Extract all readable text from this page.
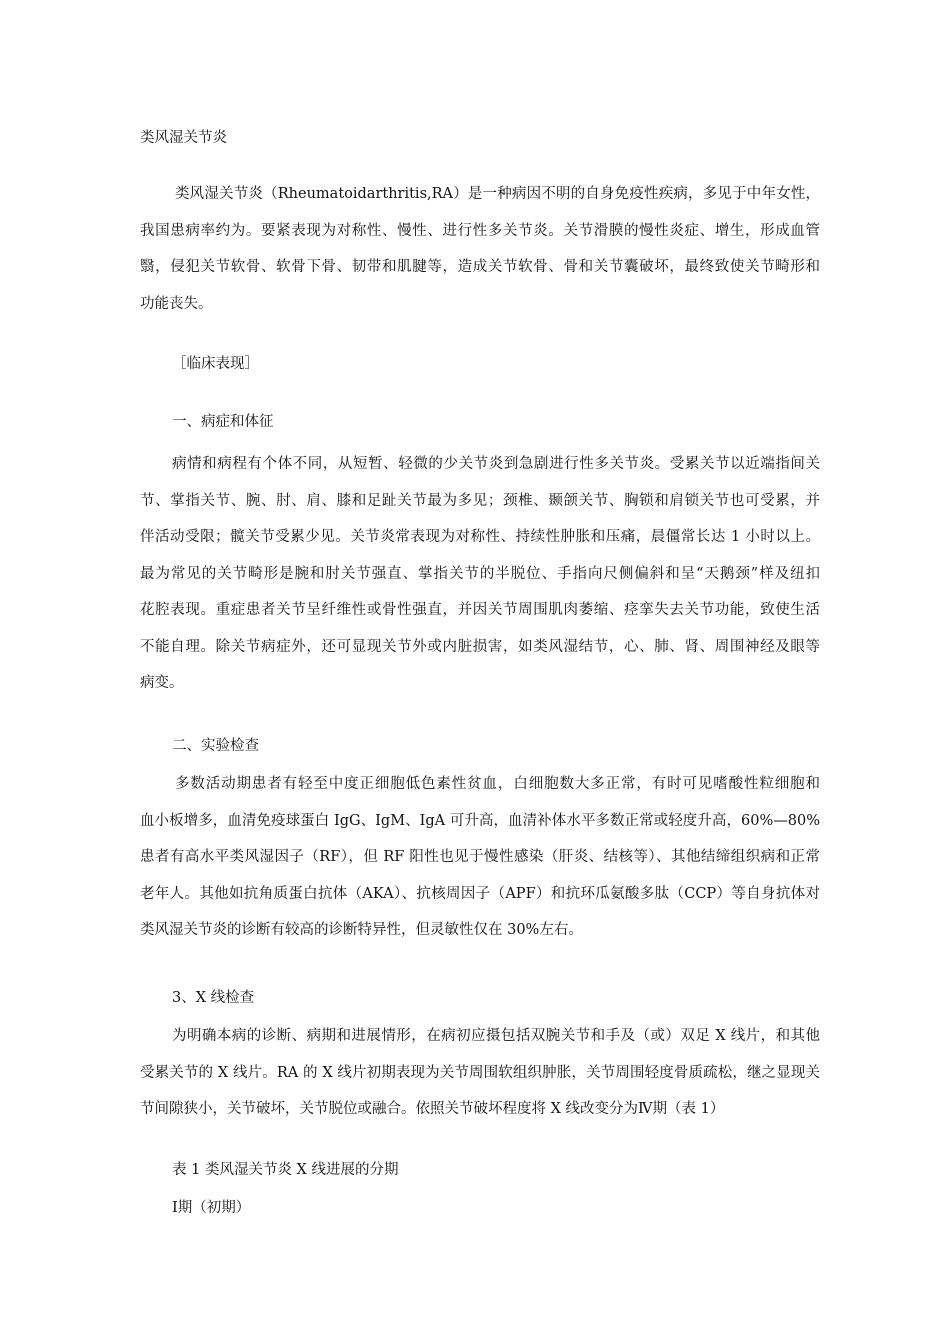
类风湿关节炎

类风湿关节炎（Rheumatoidarthritis,RA）是一种病因不明的自身免疫性疾病，多见于中年女性，
我国患病率约为。要紧表现为对称性、慢性、进行性多关节炎。关节滑膜的慢性炎症、增生，形成血管
翳，侵犯关节软骨、软骨下骨、韧带和肌腱等，造成关节软骨、骨和关节囊破坏，最终致使关节畸形和
功能丧失。

［临床表现］

一、病症和体征

病情和病程有个体不同，从短暂、轻微的少关节炎到急剧进行性多关节炎。受累关节以近端指间关
节、掌指关节、腕、肘、肩、膝和足趾关节最为多见；颈椎、颞颌关节、胸锁和肩锁关节也可受累，并
伴活动受限；髋关节受累少见。关节炎常表现为对称性、持续性肿胀和压痛，晨僵常长达 1 小时以上。
最为常见的关节畸形是腕和肘关节强直、掌指关节的半脱位、手指向尺侧偏斜和呈“天鹅颈”样及纽扣
花腔表现。重症患者关节呈纤维性或骨性强直，并因关节周围肌肉萎缩、痉挛失去关节功能，致使生活
不能自理。除关节病症外，还可显现关节外或内脏损害，如类风湿结节，心、肺、肾、周围神经及眼等
病变。

二、实验检查

多数活动期患者有轻至中度正细胞低色素性贫血，白细胞数大多正常，有时可见嗜酸性粒细胞和
血小板增多，血清免疫球蛋白 IgG、IgM、IgA 可升高，血清补体水平多数正常或轻度升高，60%—80%
患者有高水平类风湿因子（RF），但 RF 阳性也见于慢性感染（肝炎、结核等）、其他结缔组织病和正常
老年人。其他如抗角质蛋白抗体（AKA）、抗核周因子（APF）和抗环瓜氨酸多肽（CCP）等自身抗体对
类风湿关节炎的诊断有较高的诊断特异性，但灵敏性仅在 30%左右。

3、X 线检查

为明确本病的诊断、病期和进展情形，在病初应摄包括双腕关节和手及（或）双足 X 线片，和其他
受累关节的 X 线片。RA 的 X 线片初期表现为关节周围软组织肿胀，关节周围轻度骨质疏松，继之显现关
节间隙狭小，关节破坏，关节脱位或融合。依照关节破坏程度将 X 线改变分为Ⅳ期（表 1）

表 1 类风湿关节炎 X 线进展的分期

Ⅰ期（初期）
